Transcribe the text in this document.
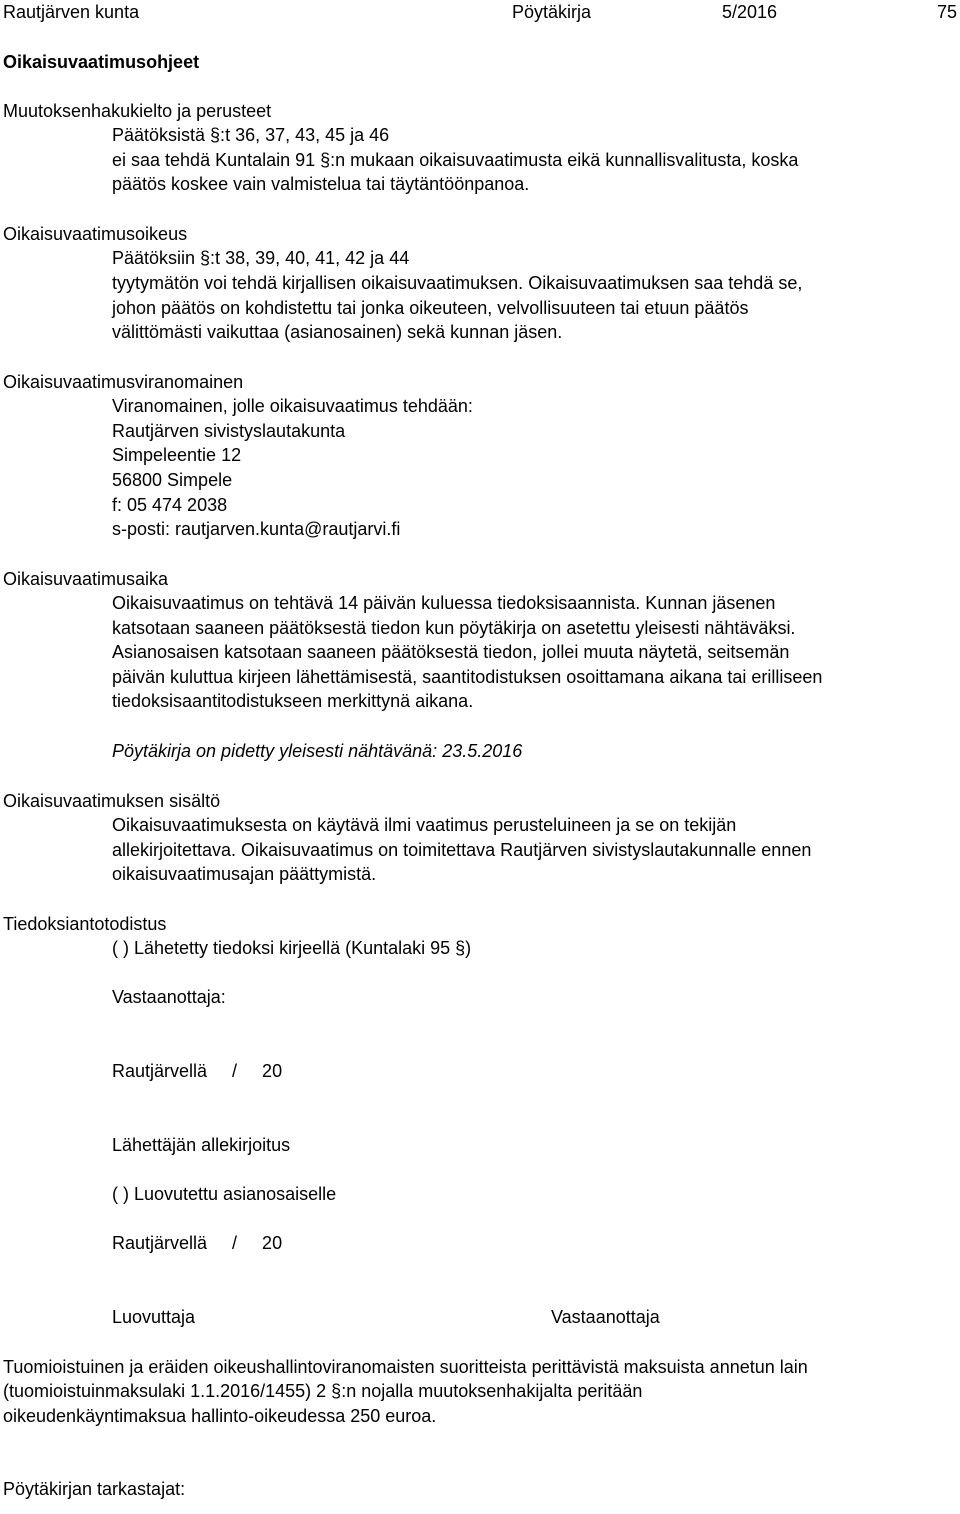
Rautjärven kunta	Pöytäkirja	5/2016	75
Oikaisuvaatimusohjeet
Muutoksenhakukielto ja perusteet
Päätöksistä §:t 36, 37, 43, 45 ja 46
ei saa tehdä Kuntalain 91 §:n mukaan oikaisuvaatimusta eikä kunnallisvalitusta, koska
päätös koskee vain valmistelua tai täytäntöönpanoa.
Oikaisuvaatimusoikeus
Päätöksiin §:t 38, 39, 40, 41, 42 ja 44
tyytymätön voi tehdä kirjallisen oikaisuvaatimuksen. Oikaisuvaatimuksen saa tehdä se,
johon päätös on kohdistettu tai jonka oikeuteen, velvollisuuteen tai etuun päätös
välittömästi vaikuttaa (asianosainen) sekä kunnan jäsen.
Oikaisuvaatimusviranomainen
Viranomainen, jolle oikaisuvaatimus tehdään:
Rautjärven sivistyslautakunta
Simpeleentie 12
56800 Simpele
f: 05 474 2038
s-posti: rautjarven.kunta@rautjarvi.fi
Oikaisuvaatimusaika
Oikaisuvaatimus on tehtävä 14 päivän kuluessa tiedoksisaannista. Kunnan jäsenen
katsotaan saaneen päätöksestä tiedon kun pöytäkirja on asetettu yleisesti nähtäväksi.
Asianosaisen katsotaan saaneen päätöksestä tiedon, jollei muuta näytetä, seitsemän
päivän kuluttua kirjeen lähettämisestä, saantitodistuksen osoittamana aikana tai erilliseen
tiedoksisaantitodistukseen merkittynä aikana.
Pöytäkirja on pidetty yleisesti nähtävänä: 23.5.2016
Oikaisuvaatimuksen sisältö
Oikaisuvaatimuksesta on käytävä ilmi vaatimus perusteluineen ja se on tekijän
allekirjoitettava. Oikaisuvaatimus on toimitettava Rautjärven sivistyslautakunnalle ennen
oikaisuvaatimusajan päättymistä.
Tiedoksiantotodistus
( ) Lähetetty tiedoksi kirjeellä (Kuntalaki 95 §)
Vastaanottaja:
Rautjärvellä     /     20
Lähettäjän allekirjoitus
( ) Luovutettu asianosaiselle
Rautjärvellä     /     20
Luovuttaja	Vastaanottaja
Tuomioistuinen ja eräiden oikeushallintoviranomaisten suoritteista perittävistä maksuista annetun lain
(tuomioistuinmaksulaki 1.1.2016/1455) 2 §:n nojalla muutoksenhakijalta peritään
oikeudenkäyntimaksua hallinto-oikeudessa 250 euroa.
Pöytäkirjan tarkastajat:
